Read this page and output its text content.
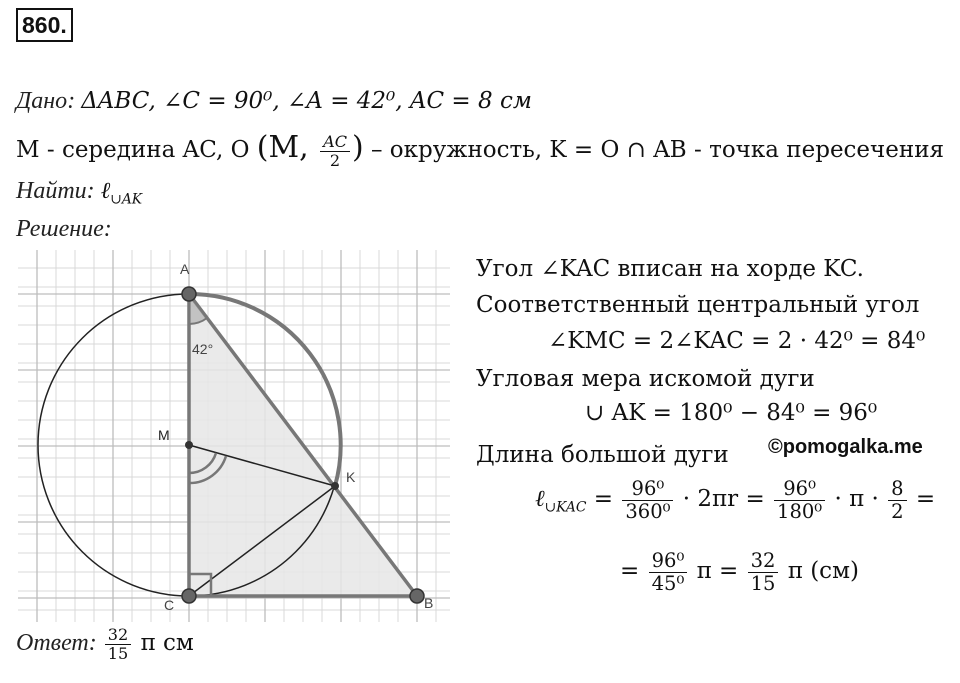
860.
Дано: ΔABC, ∠C = 90⁰, ∠A = 42⁰, AC = 8 см
M - середина AC, O (M, $\frac{AC}{2}$ ) – окружность, K = O ∩ AB - точка пересечения
Найти: ℓ$_{\cup AK}$
Решение:
A
M
K
C	B
42°
Угол ∠KAC вписан на хорде KC.
Соответственный центральный угол
∠KMC = 2∠KAC = 2 · 42⁰ = 84⁰
Угловая мера искомой дуги
∪ AK = 180⁰ − 84⁰ = 96⁰
©pomogalka.me
Длина большой дуги
ℓ$_{\cup KAC}$ = $\frac{\text{96⁰}}{\text{360⁰}} \cdot 2\pi r = \frac{\text{96⁰}}{\text{180⁰}} \cdot \pi \cdot \frac{8}{2}$ =
= $\frac{\text{96⁰}}{\text{45⁰}}$ $\pi = \frac{32}{15}$ π (см)
Ответ: $\frac{32}{15}$ π см
